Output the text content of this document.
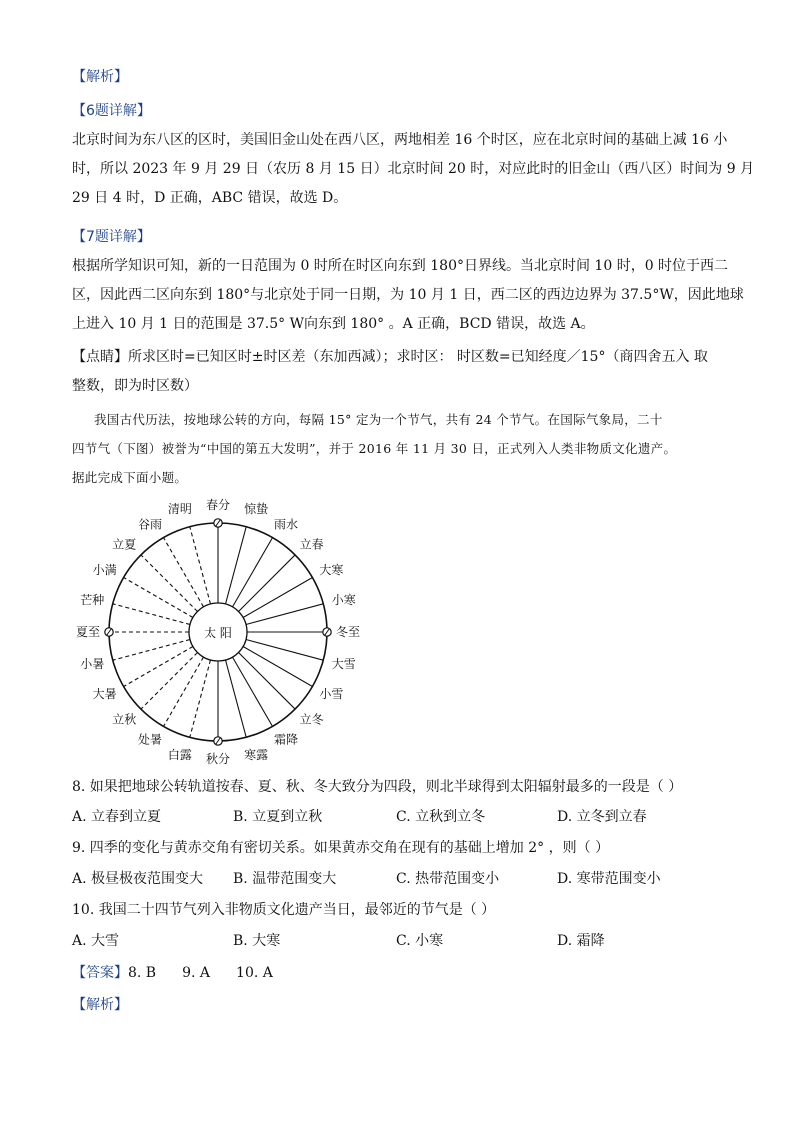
【解析】
【6题详解】
北京时间为东八区的区时，美国旧金山处在西八区，两地相差 16 个时区，应在北京时间的基础上减 16 小
时，所以 2023 年 9 月 29 日（农历 8 月 15 日）北京时间 20 时，对应此时的旧金山（西八区）时间为 9 月
29 日 4 时，D 正确，ABC 错误，故选 D。
【7题详解】
根据所学知识可知，新的一日范围为 0 时所在时区向东到 180°日界线。当北京时间 10 时，0 时位于西二
区，因此西二区向东到 180°与北京处于同一日期，为 10 月 1 日，西二区的西边边界为 37.5°W，因此地球
上进入 10 月 1 日的范围是 37.5° W向东到 180° 。A 正确，BCD 错误，故选 A。
【点睛】所求区时=已知区时±时区差（东加西减）；求时区： 时区数=已知经度／15°（商四舍五入 取
整数，即为时区数）
我国古代历法，按地球公转的方向，每隔 15° 定为一个节气，共有 24 个节气。在国际气象局，二十
四节气（下图）被誉为“中国的第五大发明”，并于 2016 年 11 月 30 日，正式列入人类非物质文化遗产。
据此完成下面小题。
春分 惊蛰
雨水
立春
大寒
小寒
冬至
大雪
小雪
立冬
霜降
寒露
秋分
白露
处暑
立秋
大暑
小暑
夏至
芒种
小满
立夏
谷雨
清明
太 阳
8. 如果把地球公转轨道按春、夏、秋、冬大致分为四段，则北半球得到太阳辐射最多的一段是（ ）
A. 立春到立夏	B. 立夏到立秋	C. 立秋到立冬	D. 立冬到立春
9. 四季的变化与黄赤交角有密切关系。如果黄赤交角在现有的基础上增加 2° ，则（ ）
A. 极昼极夜范围变大 B. 温带范围变大	C. 热带范围变小	D. 寒带范围变小
10. 我国二十四节气列入非物质文化遗产当日，最邻近的节气是（ ）
A. 大雪	B. 大寒	C. 小寒	D. 霜降
【答案】8. B 9. A 10. A
【解析】
